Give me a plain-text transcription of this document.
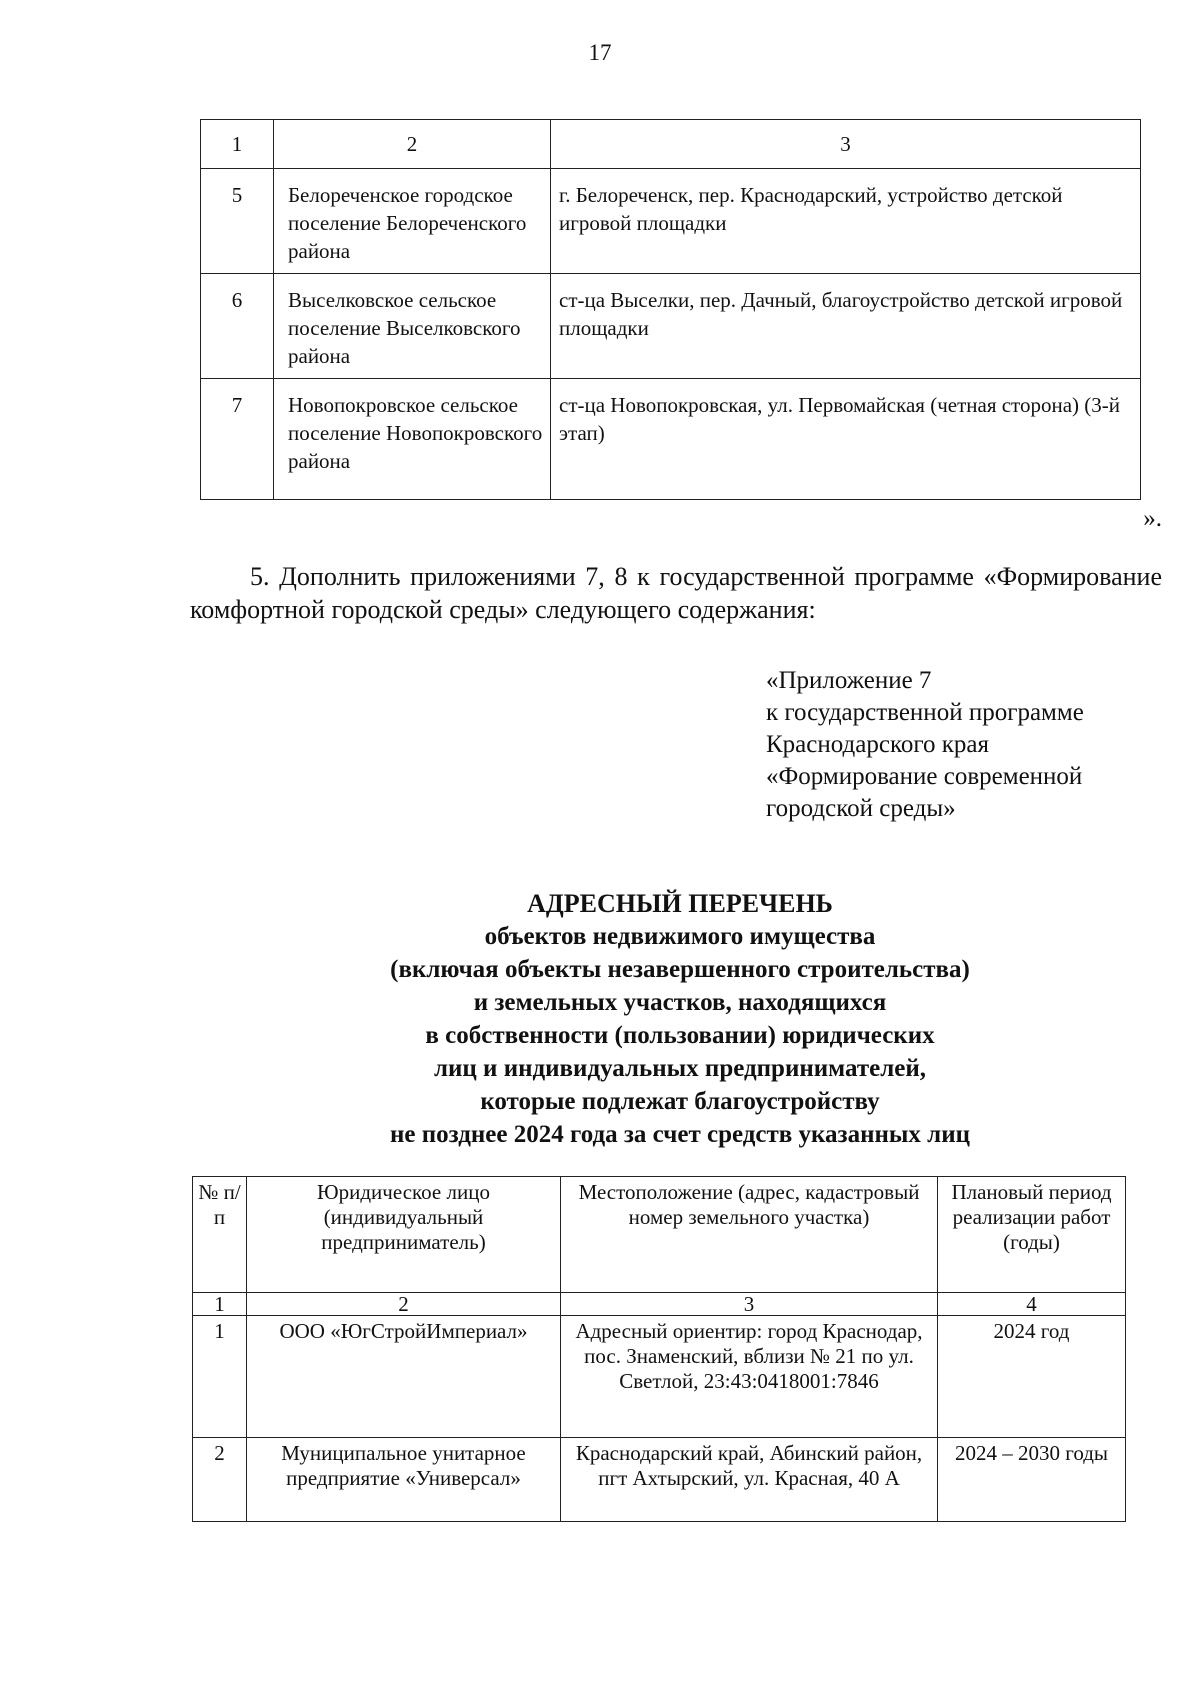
17
1	2	3
5	Белореченское городское поселение Белореченского района	г. Белореченск, пер. Краснодарский, устройство детской игровой площадки
6	Выселковское сельское поселение Выселковского района	ст-ца Выселки, пер. Дачный, благоустройство детской игровой площадки
7	Новопокровское сельское поселение Новопокровского района	ст-ца Новопокровская, ул. Первомайская (четная сторона) (3-й этап)
».
5. Дополнить приложениями 7, 8 к государственной программе «Формирование комфортной городской среды» следующего содержания:
«Приложение 7
к государственной программе
Краснодарского края
«Формирование современной
городской среды»
АДРЕСНЫЙ ПЕРЕЧЕНЬ
объектов недвижимого имущества
(включая объекты незавершенного строительства)
и земельных участков, находящихся
в собственности (пользовании) юридических
лиц и индивидуальных предпринимателей,
которые подлежат благоустройству
не позднее 2024 года за счет средств указанных лиц
№ п/п	Юридическое лицо (индивидуальный предприниматель)	Местоположение (адрес, кадастровый номер земельного участка)	Плановый период реализации работ (годы)
1	2	3	4
1	ООО «ЮгСтройИмпериал»	Адресный ориентир: город Краснодар, пос. Знаменский, вблизи № 21 по ул. Светлой, 23:43:0418001:7846	2024 год
2	Муниципальное унитарное предприятие «Универсал»	Краснодарский край, Абинский район, пгт Ахтырский, ул. Красная, 40 А	2024 – 2030 годы
